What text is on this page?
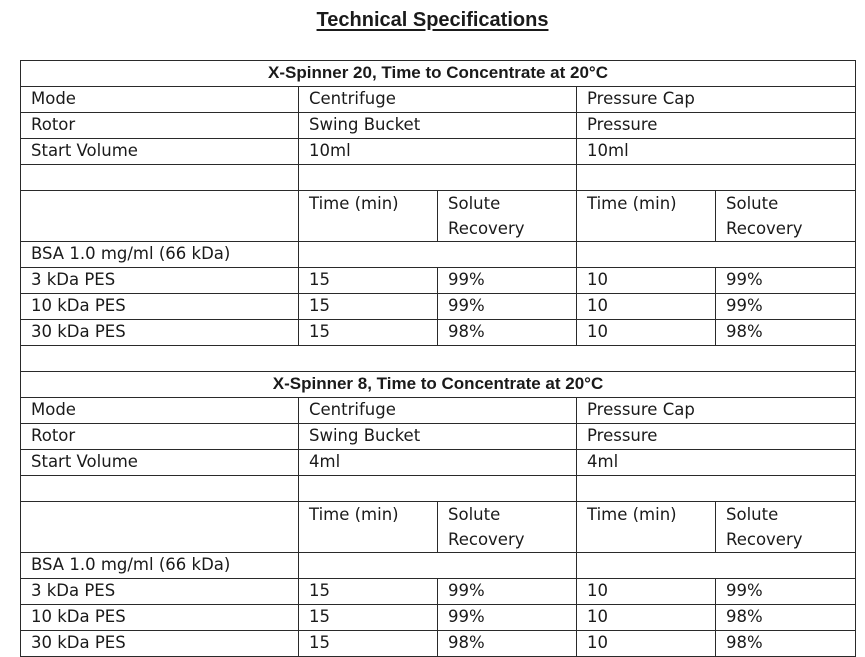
Technical Specifications
X-Spinner 20, Time to Concentrate at 20°C				
Mode	Centrifuge		Pressure Cap	
Rotor	Swing Bucket		Pressure	
Start Volume	10ml		10ml	

	Time (min)	Solute Recovery	Time (min)	Solute Recovery
BSA 1.0 mg/ml (66 kDa)				
3 kDa PES	15	99%	10	99%
10 kDa PES	15	99%	10	99%
30 kDa PES	15	98%	10	98%

X-Spinner 8, Time to Concentrate at 20°C				
Mode	Centrifuge		Pressure Cap	
Rotor	Swing Bucket		Pressure	
Start Volume	4ml		4ml	

	Time (min)	Solute Recovery	Time (min)	Solute Recovery
BSA 1.0 mg/ml (66 kDa)				
3 kDa PES	15	99%	10	99%
10 kDa PES	15	99%	10	98%
30 kDa PES	15	98%	10	98%
